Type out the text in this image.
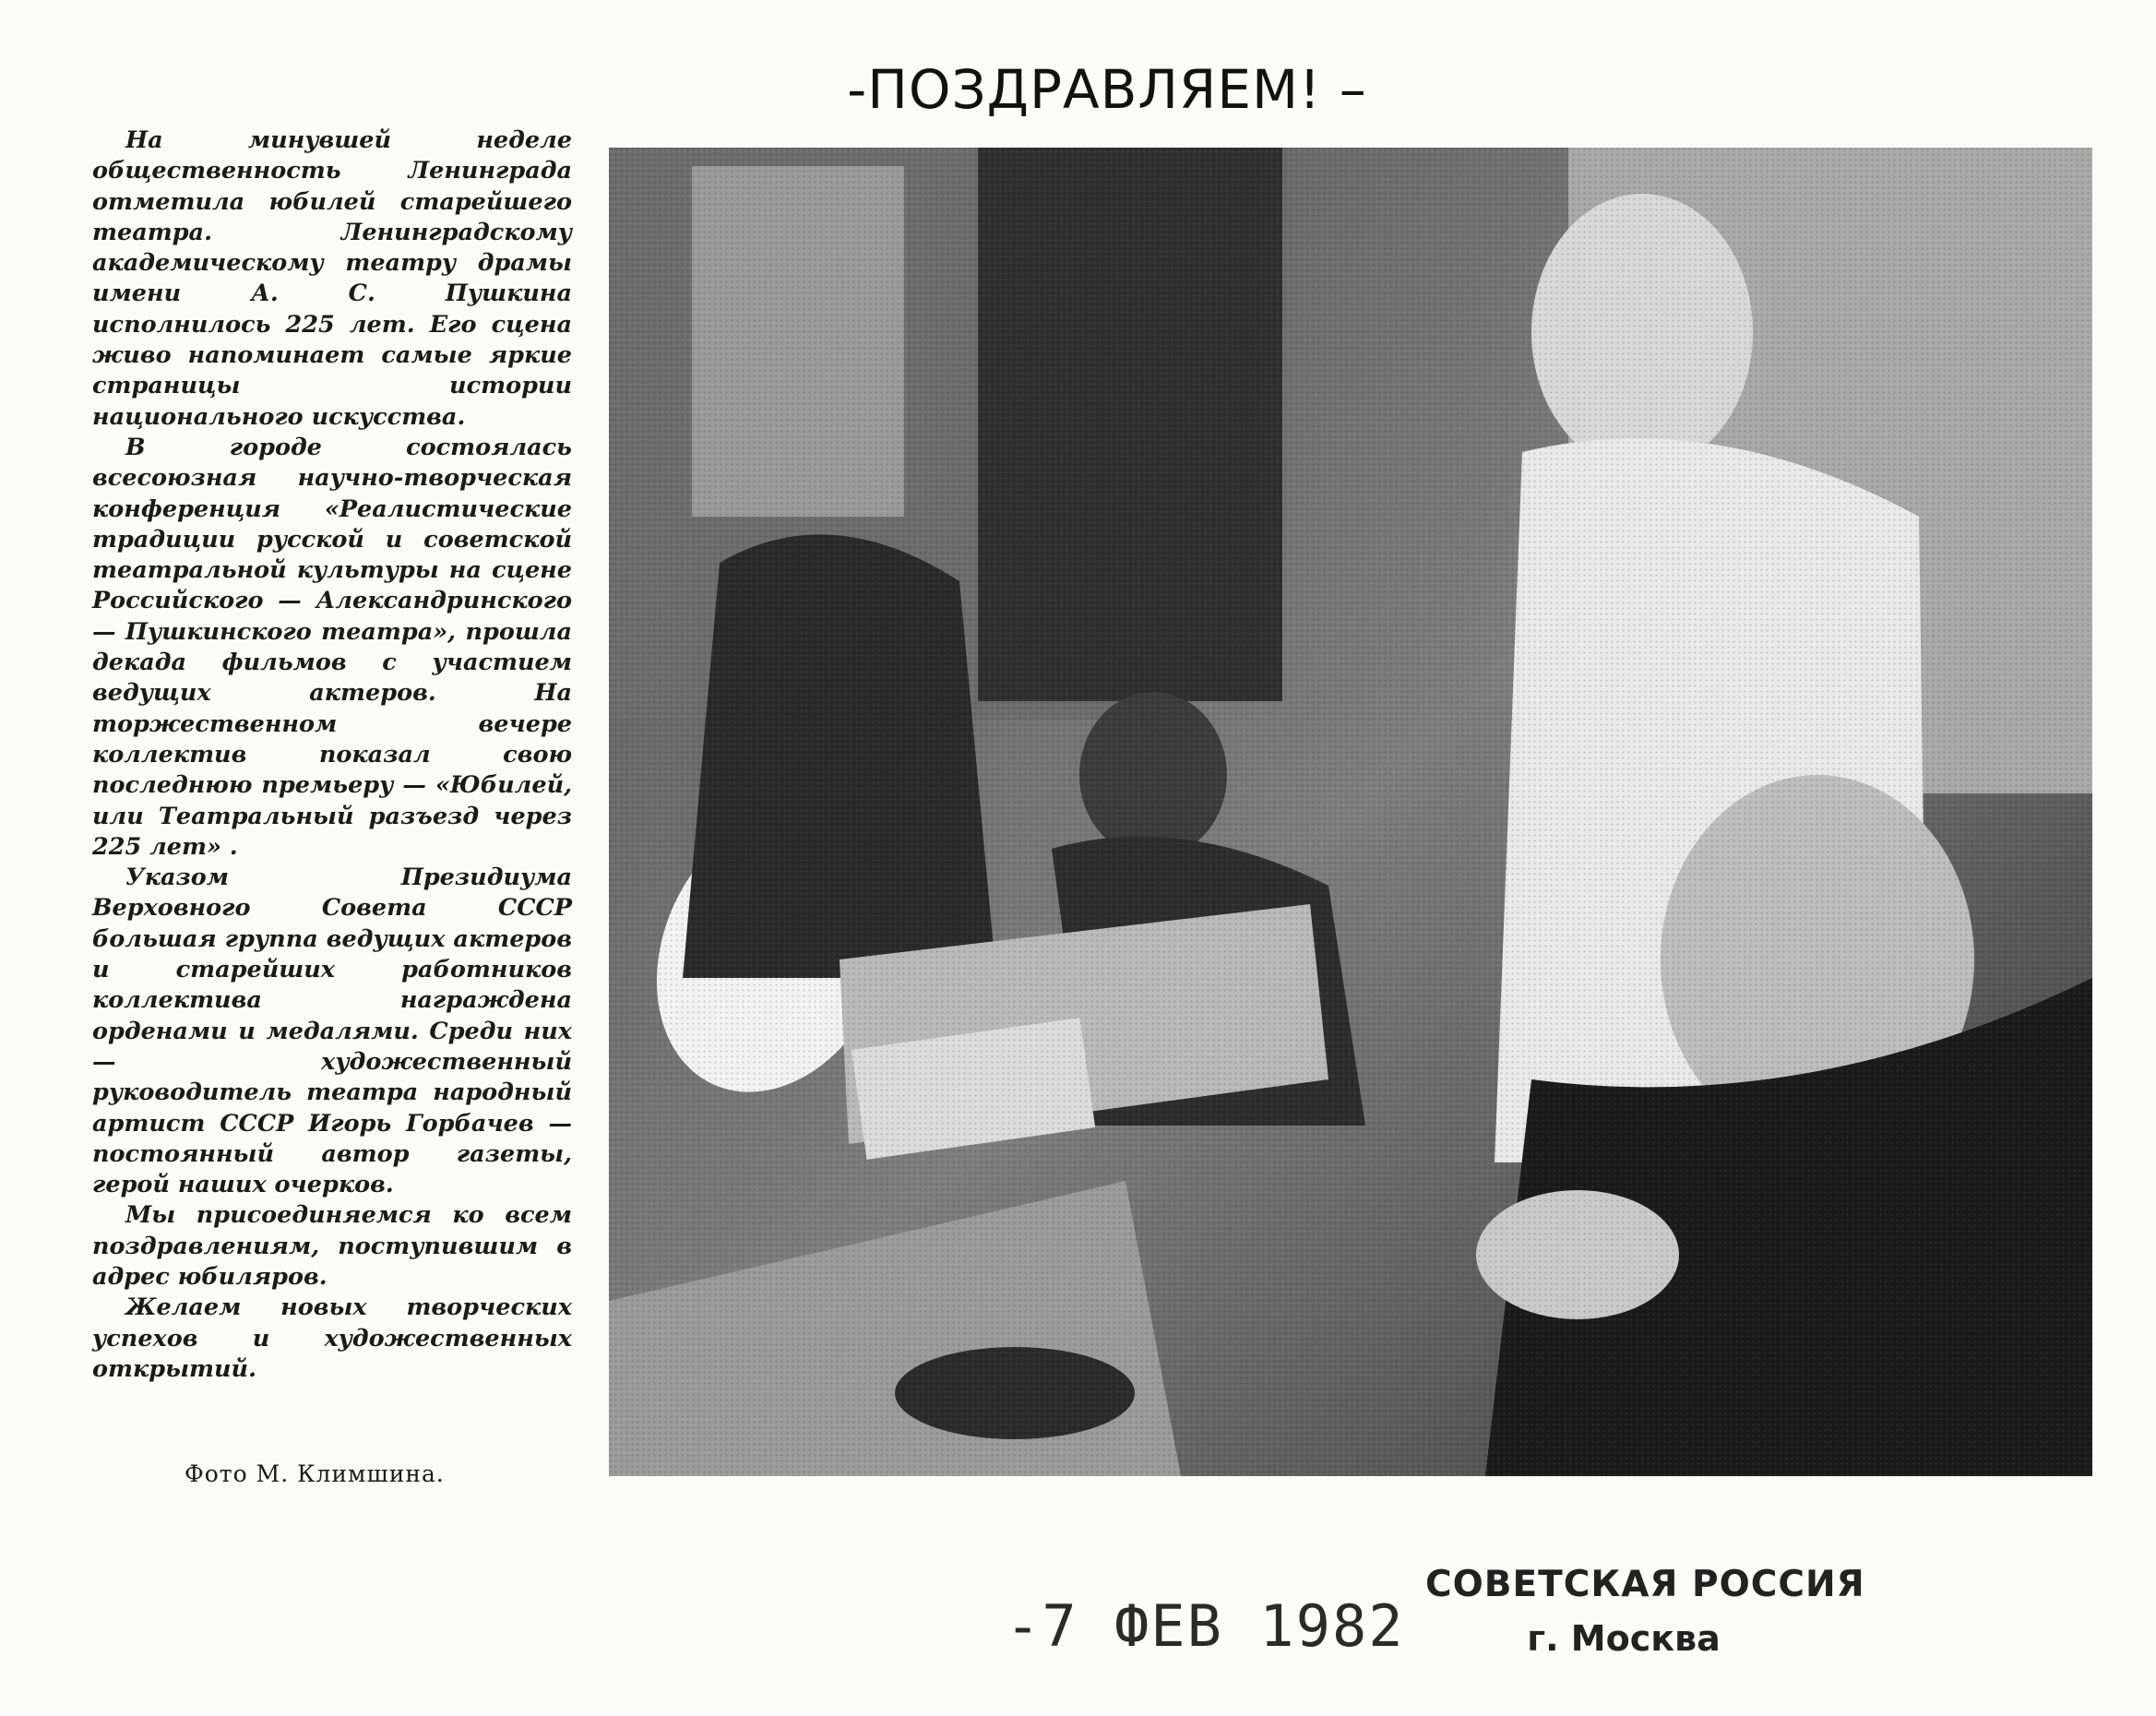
-ПОЗДРАВЛЯЕМ! –

На минувшей неделе общественность Ленинграда отметила юбилей старейшего театра. Ленинградскому академическому театру драмы имени А. С. Пушкина исполнилось 225 лет. Его сцена живо напоминает самые яркие страницы истории национального искусства.

В городе состоялась всесоюзная научно-творческая конференция «Реалистические традиции русской и советской театральной культуры на сцене Российского — Александринского — Пушкинского театра», прошла декада фильмов с участием ведущих актеров. На торжественном вечере коллектив показал свою последнюю премьеру — «Юбилей, или Театральный разъезд через 225 лет» .

Указом Президиума Верховного Совета СССР большая группа ведущих актеров и старейших работников коллектива награждена орденами и медалями. Среди них — художественный руководитель театра народный артист СССР Игорь Горбачев — постоянный автор газеты, герой наших очерков.

Мы присоединяемся ко всем поздравлениям, поступившим в адрес юбиляров.

Желаем новых творческих успехов и художественных открытий.

Фото М. Климшина.
-7 ФЕВ 1982
СОВЕТСКАЯ РОССИЯ
г. Москва
